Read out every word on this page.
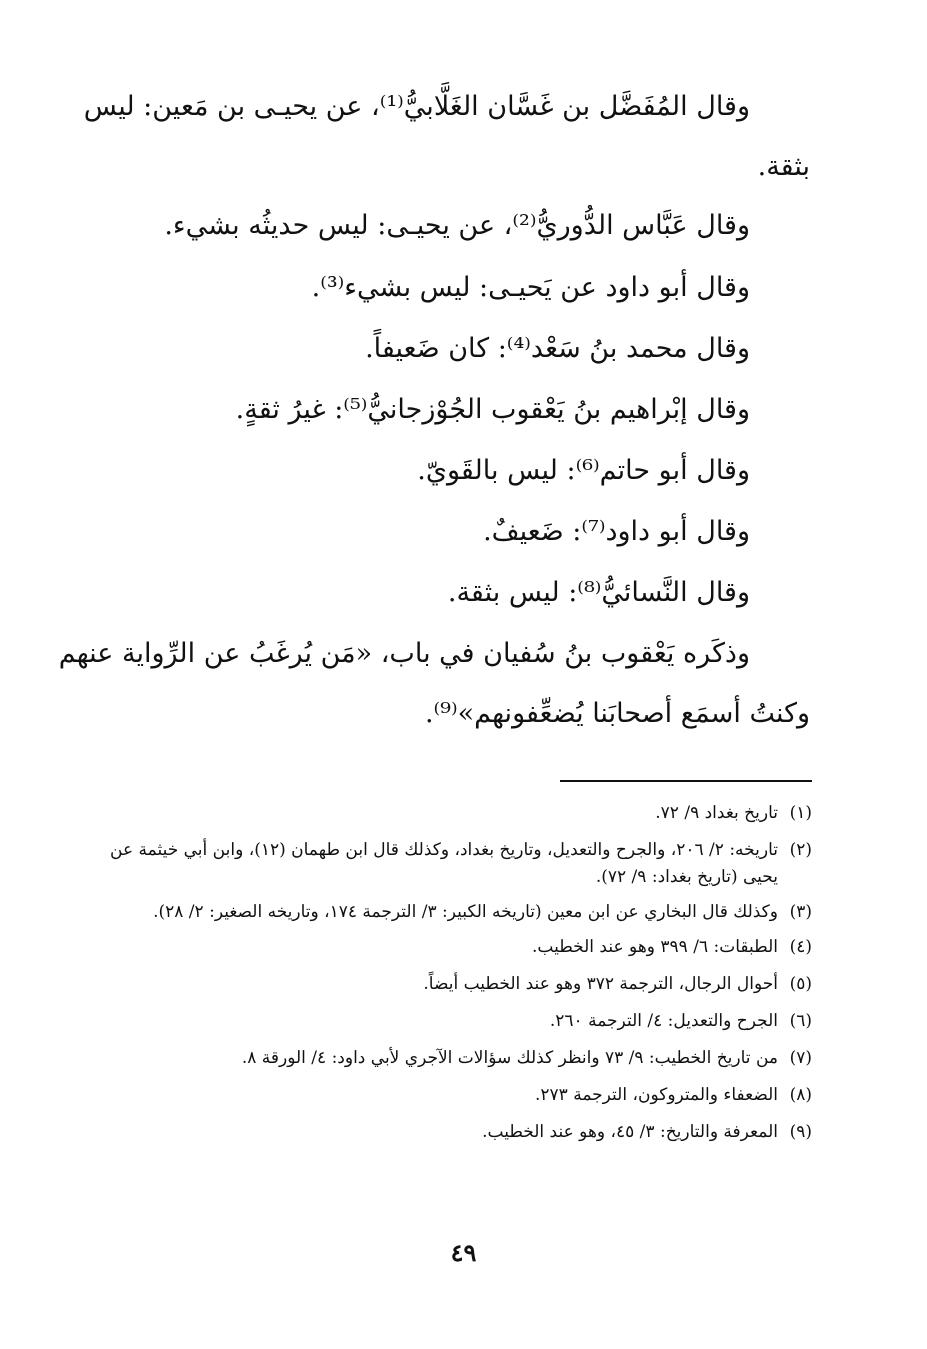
وقال المُفَضَّل بن غَسَّان الغَلَّابيُّ⁽¹⁾، عن يحيـى بن مَعين: ليس

بثقة.

وقال عَبَّاس الدُّوريُّ⁽²⁾، عن يحيـى: ليس حديثُه بشيء.

وقال أبو داود عن يَحيـى: ليس بشيء⁽³⁾.

وقال محمد بنُ سَعْد⁽⁴⁾: كان ضَعيفاً.

وقال إبْراهيم بنُ يَعْقوب الجُوْزجانيُّ⁽⁵⁾: غيرُ ثقةٍ.

وقال أبو حاتم⁽⁶⁾: ليس بالقَويّ.

وقال أبو داود⁽⁷⁾: ضَعيفٌ.

وقال النَّسائيُّ⁽⁸⁾: ليس بثقة.

وذكَره يَعْقوب بنُ سُفيان في باب، «مَن يُرغَبُ عن الرِّواية عنهم

وكنتُ أسمَع أصحابَنا يُضعِّفونهم»⁽⁹⁾.

(١)
تاريخ بغداد ٩/ ٧٢.
(٢)
تاريخه: ٢/ ٢٠٦، والجرح والتعديل، وتاريخ بغداد، وكذلك قال ابن طهمان (١٢)، وابن أبي خيثمة عن يحيى (تاريخ بغداد: ٩/ ٧٢).
(٣)
وكذلك قال البخاري عن ابن معين (تاريخه الكبير: ٣/ الترجمة ١٧٤، وتاريخه الصغير: ٢/ ٢٨).
(٤)
الطبقات: ٦/ ٣٩٩ وهو عند الخطيب.
(٥)
أحوال الرجال، الترجمة ٣٧٢ وهو عند الخطيب أيضاً.
(٦)
الجرح والتعديل: ٤/ الترجمة ٢٦٠.
(٧)
من تاريخ الخطيب: ٩/ ٧٣ وانظر كذلك سؤالات الآجري لأبي داود: ٤/ الورقة ٨.
(٨)
الضعفاء والمتروكون، الترجمة ٢٧٣.
(٩)
المعرفة والتاريخ: ٣/ ٤٥، وهو عند الخطيب.
٤٩
